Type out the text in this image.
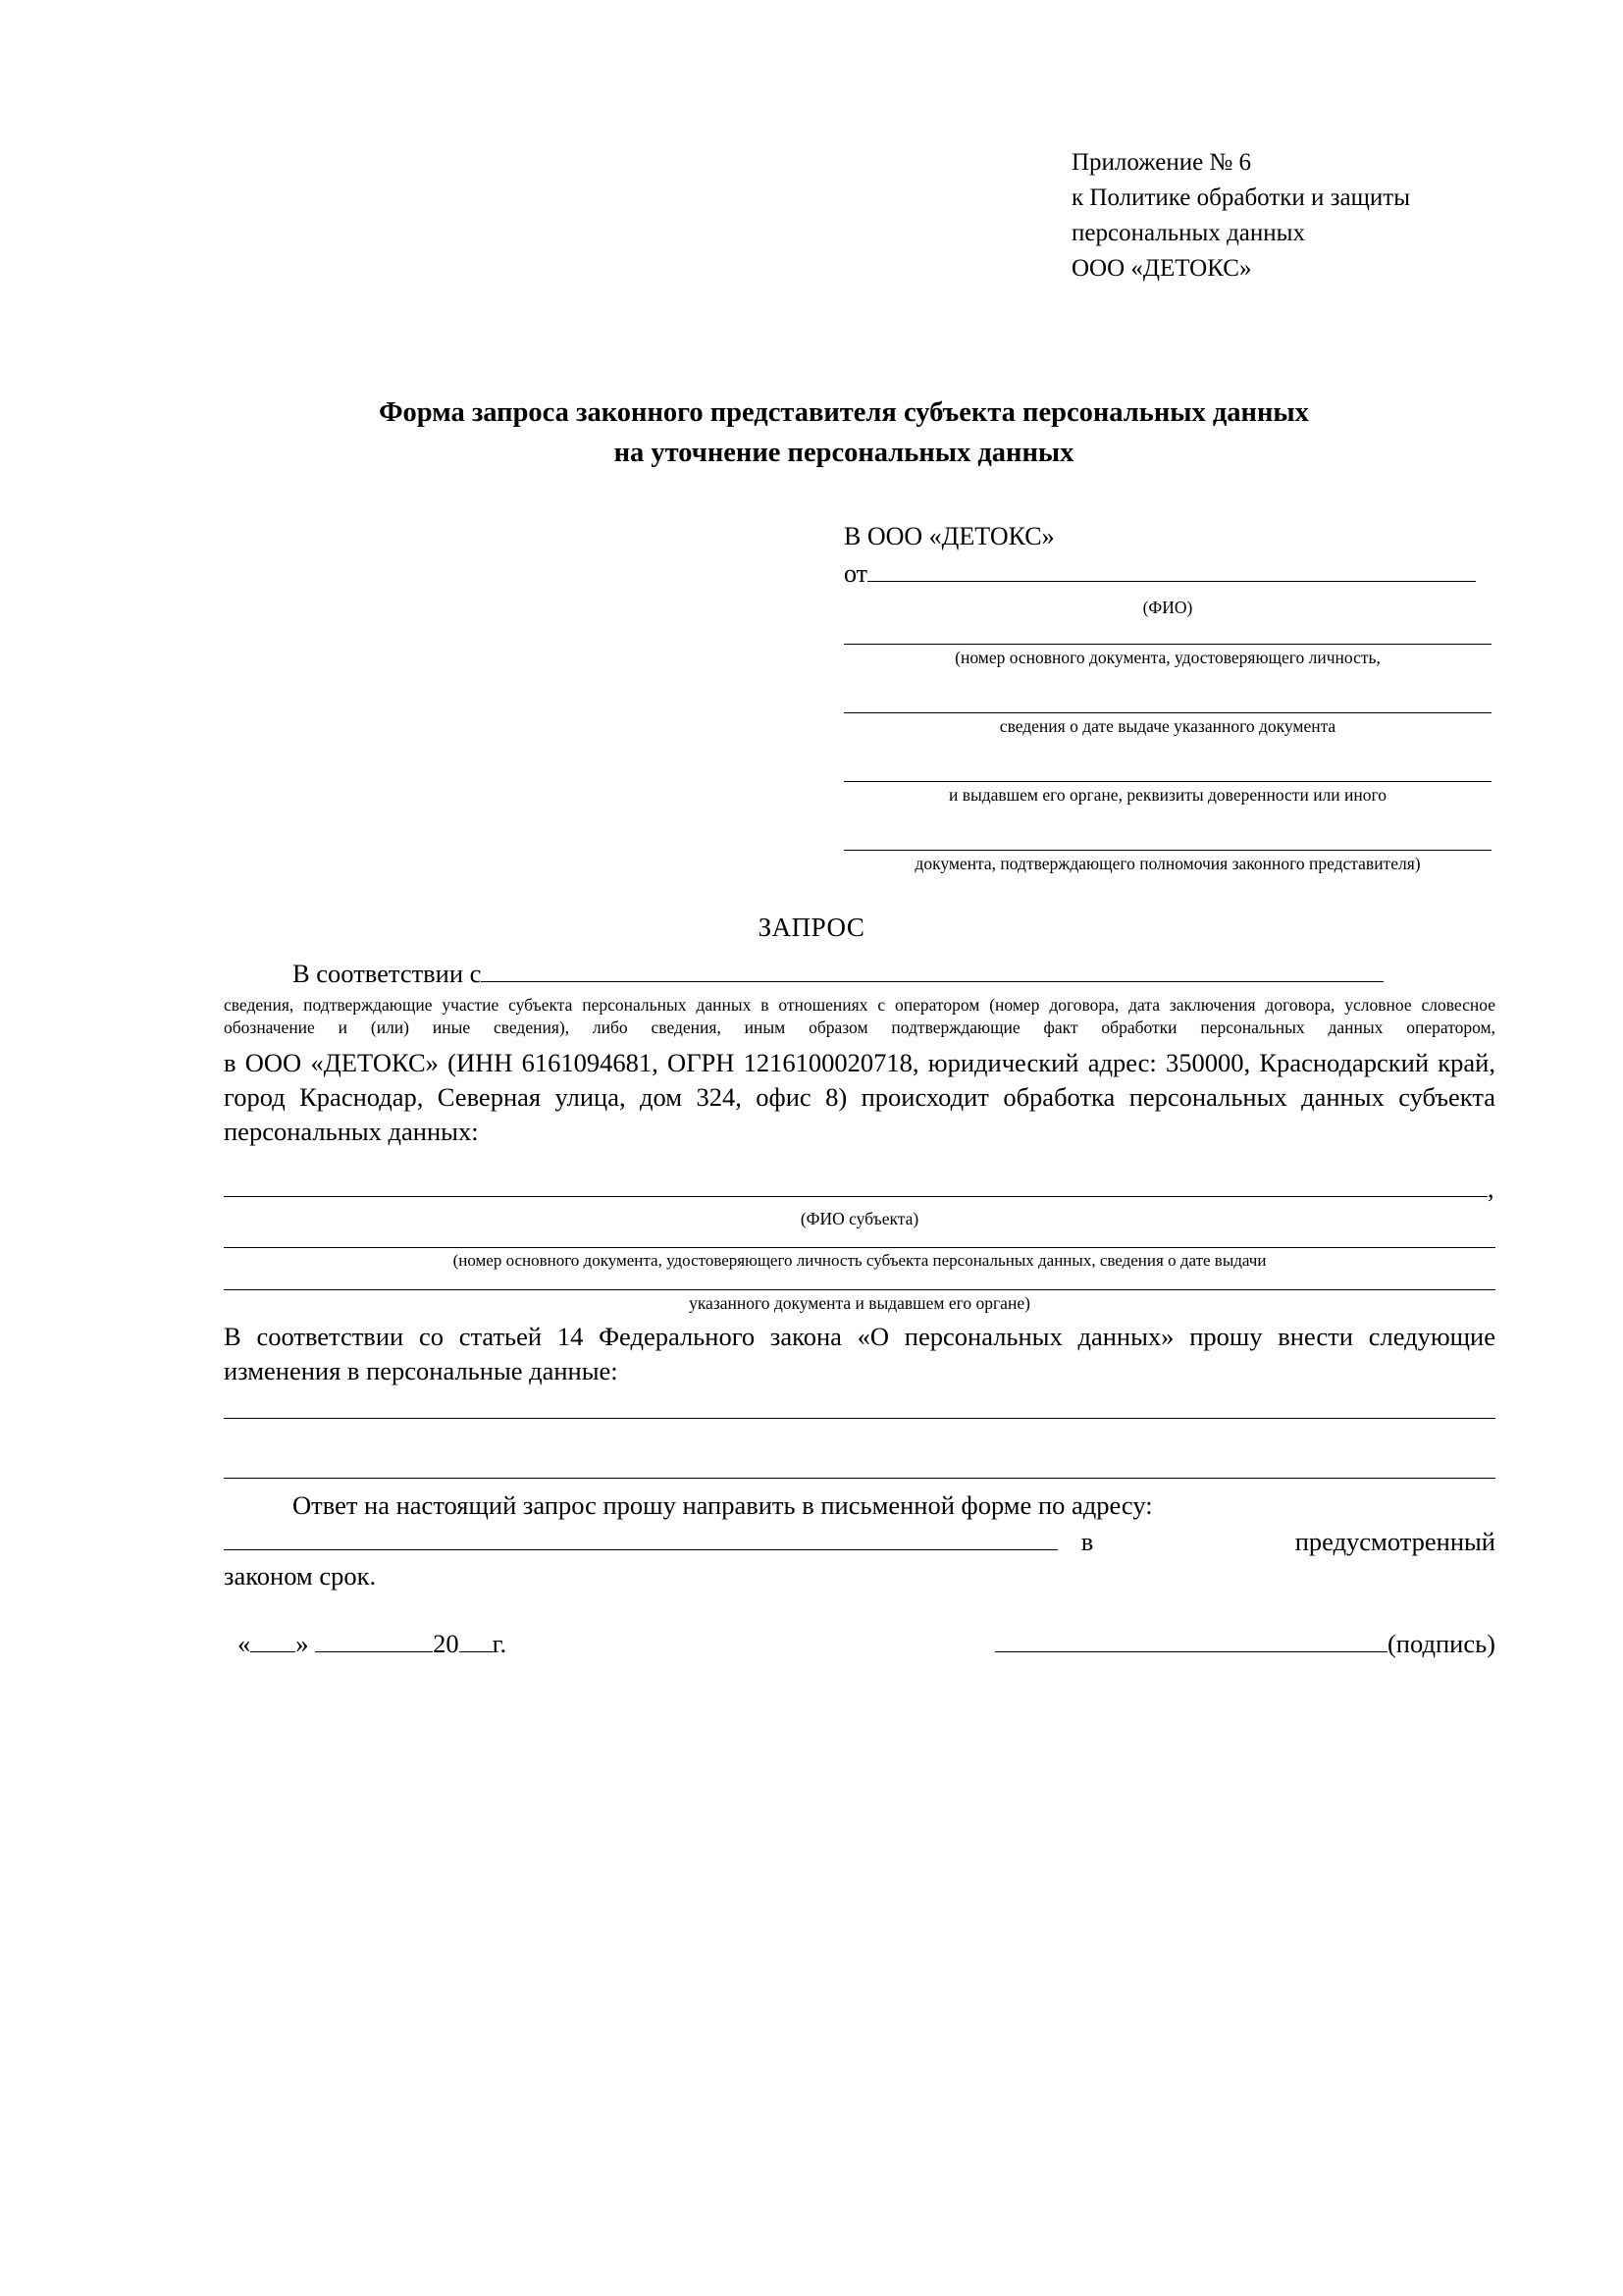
Приложение № 6
к Политике обработки и защиты
персональных данных
ООО «ДЕТОКС»
Форма запроса законного представителя субъекта персональных данных
на уточнение персональных данных
В ООО «ДЕТОКС»
от
(ФИО)
(номер основного документа, удостоверяющего личность,
сведения о дате выдаче указанного документа
и выдавшем его органе, реквизиты доверенности или иного
документа, подтверждающего полномочия законного представителя)
ЗАПРОС
В соответствии с
сведения, подтверждающие участие субъекта персональных данных в отношениях с оператором (номер договора, дата заключения договора, условное словесное обозначение и (или) иные сведения), либо сведения, иным образом подтверждающие факт обработки персональных данных оператором,
в ООО «ДЕТОКС» (ИНН 6161094681, ОГРН 1216100020718, юридический адрес: 350000, Краснодарский край, город Краснодар, Северная улица, дом 324, офис 8) происходит обработка персональных данных субъекта персональных данных:
,
(ФИО субъекта)
(номер основного документа, удостоверяющего личность субъекта персональных данных, сведения о дате выдачи
указанного документа и выдавшем его органе)
В соответствии со статьей 14 Федерального закона «О персональных данных» прошу внести следующие изменения в персональные данные:
Ответ на настоящий запрос прошу направить в письменной форме по адресу:
в	предусмотренный
законом срок.
« »	20 г.	(подпись)
